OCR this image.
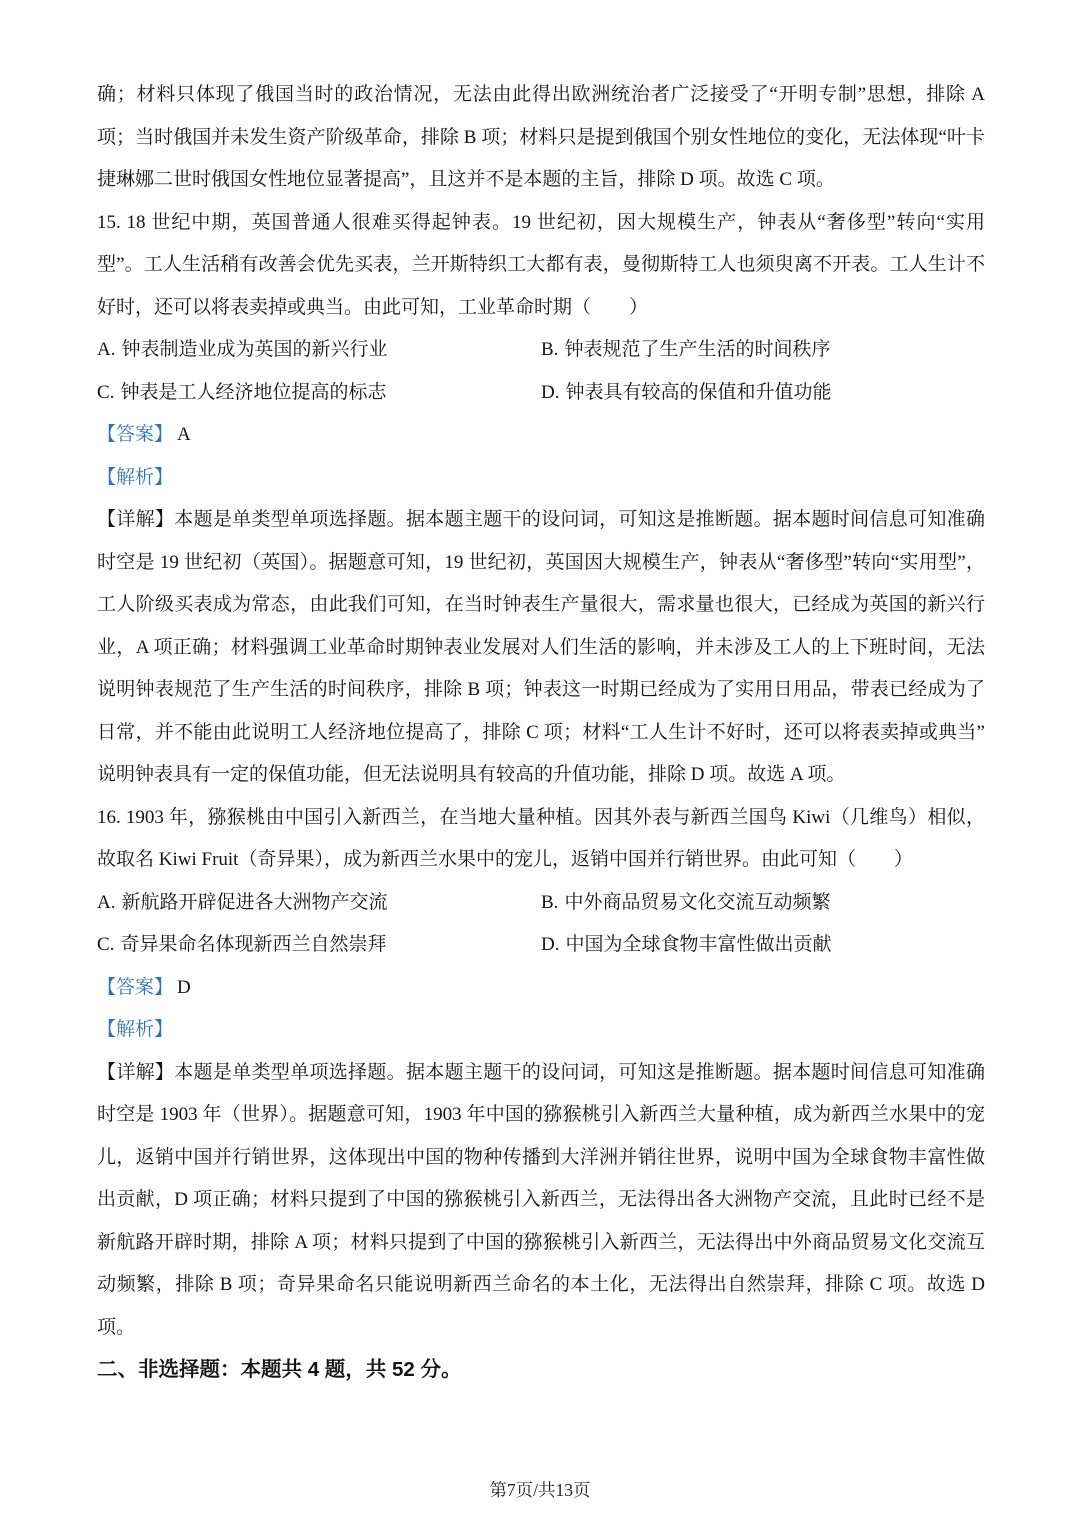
确；材料只体现了俄国当时的政治情况，无法由此得出欧洲统治者广泛接受了“开明专制”思想，排除 A 项；当时俄国并未发生资产阶级革命，排除 B 项；材料只是提到俄国个别女性地位的变化，无法体现“叶卡捷琳娜二世时俄国女性地位显著提高”，且这并不是本题的主旨，排除 D 项。故选 C 项。

15. 18 世纪中期，英国普通人很难买得起钟表。19 世纪初，因大规模生产，钟表从“奢侈型”转向“实用型”。工人生活稍有改善会优先买表，兰开斯特织工大都有表，曼彻斯特工人也须臾离不开表。工人生计不好时，还可以将表卖掉或典当。由此可知，工业革命时期（　　）

A. 钟表制造业成为英国的新兴行业	B. 钟表规范了生产生活的时间秩序
C. 钟表是工人经济地位提高的标志	D. 钟表具有较高的保值和升值功能

【答案】 A

【解析】

【详解】本题是单类型单项选择题。据本题主题干的设问词，可知这是推断题。据本题时间信息可知准确时空是 19 世纪初（英国）。据题意可知，19 世纪初，英国因大规模生产，钟表从“奢侈型”转向“实用型”，工人阶级买表成为常态，由此我们可知，在当时钟表生产量很大，需求量也很大，已经成为英国的新兴行业，A 项正确；材料强调工业革命时期钟表业发展对人们生活的影响，并未涉及工人的上下班时间，无法说明钟表规范了生产生活的时间秩序，排除 B 项；钟表这一时期已经成为了实用日用品，带表已经成为了日常，并不能由此说明工人经济地位提高了，排除 C 项；材料“工人生计不好时，还可以将表卖掉或典当”说明钟表具有一定的保值功能，但无法说明具有较高的升值功能，排除 D 项。故选 A 项。

16. 1903 年，猕猴桃由中国引入新西兰，在当地大量种植。因其外表与新西兰国鸟 Kiwi（几维鸟）相似，故取名 Kiwi Fruit（奇异果），成为新西兰水果中的宠儿，返销中国并行销世界。由此可知（　　）

A. 新航路开辟促进各大洲物产交流	B. 中外商品贸易文化交流互动频繁
C. 奇异果命名体现新西兰自然崇拜	D. 中国为全球食物丰富性做出贡献

【答案】 D

【解析】

【详解】本题是单类型单项选择题。据本题主题干的设问词，可知这是推断题。据本题时间信息可知准确时空是 1903 年（世界）。据题意可知，1903 年中国的猕猴桃引入新西兰大量种植，成为新西兰水果中的宠儿，返销中国并行销世界，这体现出中国的物种传播到大洋洲并销往世界，说明中国为全球食物丰富性做出贡献，D 项正确；材料只提到了中国的猕猴桃引入新西兰，无法得出各大洲物产交流，且此时已经不是新航路开辟时期，排除 A 项；材料只提到了中国的猕猴桃引入新西兰，无法得出中外商品贸易文化交流互动频繁，排除 B 项；奇异果命名只能说明新西兰命名的本土化，无法得出自然崇拜，排除 C 项。故选 D 项。

二、非选择题：本题共 4 题，共 52 分。

第7页/共13页
